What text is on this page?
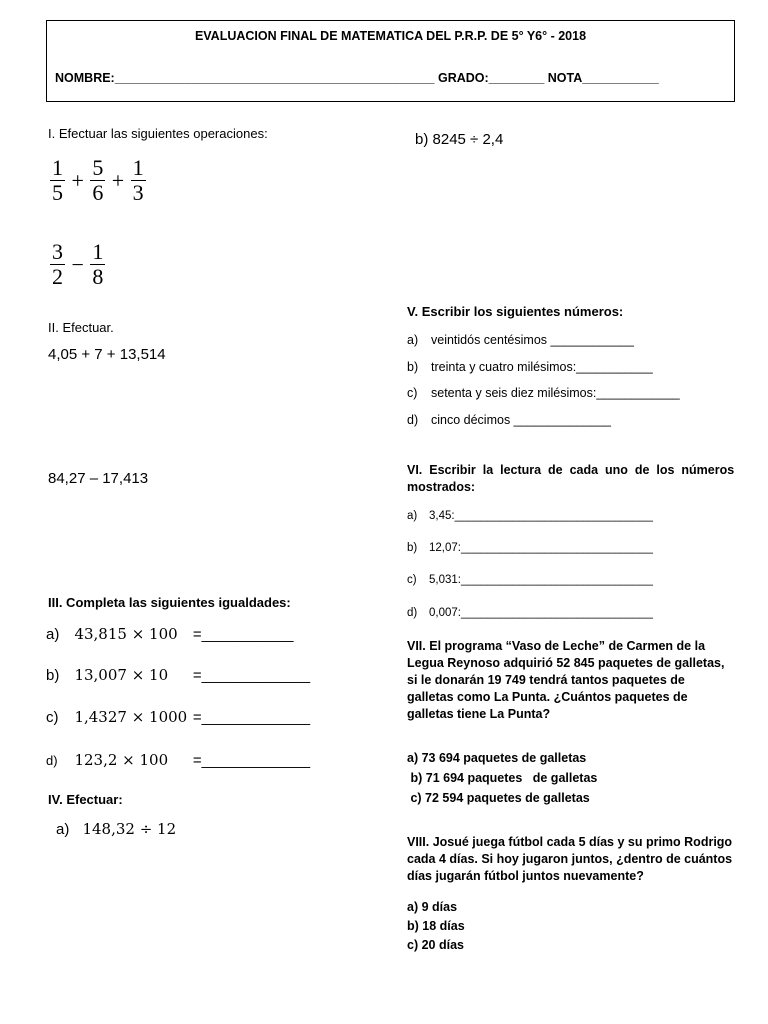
EVALUACION FINAL DE MATEMATICA DEL P.R.P. DE 5° Y6° - 2018
NOMBRE:______________________________________________ GRADO:________ NOTA___________
I. Efectuar las siguientes operaciones:
$\frac{1}{5} + \frac{5}{6} + \frac{1}{3}$
$\frac{3}{2} - \frac{1}{8}$
b) 8245 ÷ 2,4
II. Efectuar.
4,05 + 7 + 13,514
84,27 – 17,413
III. Completa las siguientes igualdades:
a) 43,815 × 100 =___________
b) 13,007 × 10 =_____________
c) 1,4327 × 1000 =_____________
d) 123,2 × 100 =_____________
IV. Efectuar:
a) 148,32 ÷ 12
V. Escribir los siguientes números:
a) veintidós centésimos ____________
b) treinta y cuatro milésimos:___________
c) setenta y seis diez milésimos:____________
d) cinco décimos ______________
VI.  Escribir  la  lectura  de  cada  uno  de  los  números
mostrados:
a) 3,45:_______________________________
b) 12,07:______________________________
c) 5,031:______________________________
d) 0,007:______________________________
VII. El programa “Vaso de Leche” de Carmen de la
Legua Reynoso adquirió 52 845 paquetes de galletas,
si le donarán 19 749 tendrá tantos paquetes de
galletas como La Punta. ¿Cuántos paquetes de
galletas tiene La Punta?
a) 73 694 paquetes de galletas
b) 71 694 paquetes   de galletas
c) 72 594 paquetes de galletas
VIII. Josué juega fútbol cada 5 días y su primo Rodrigo
cada 4 días. Si hoy jugaron juntos, ¿dentro de cuántos
días jugarán fútbol juntos nuevamente?
a) 9 días
b) 18 días
c) 20 días
